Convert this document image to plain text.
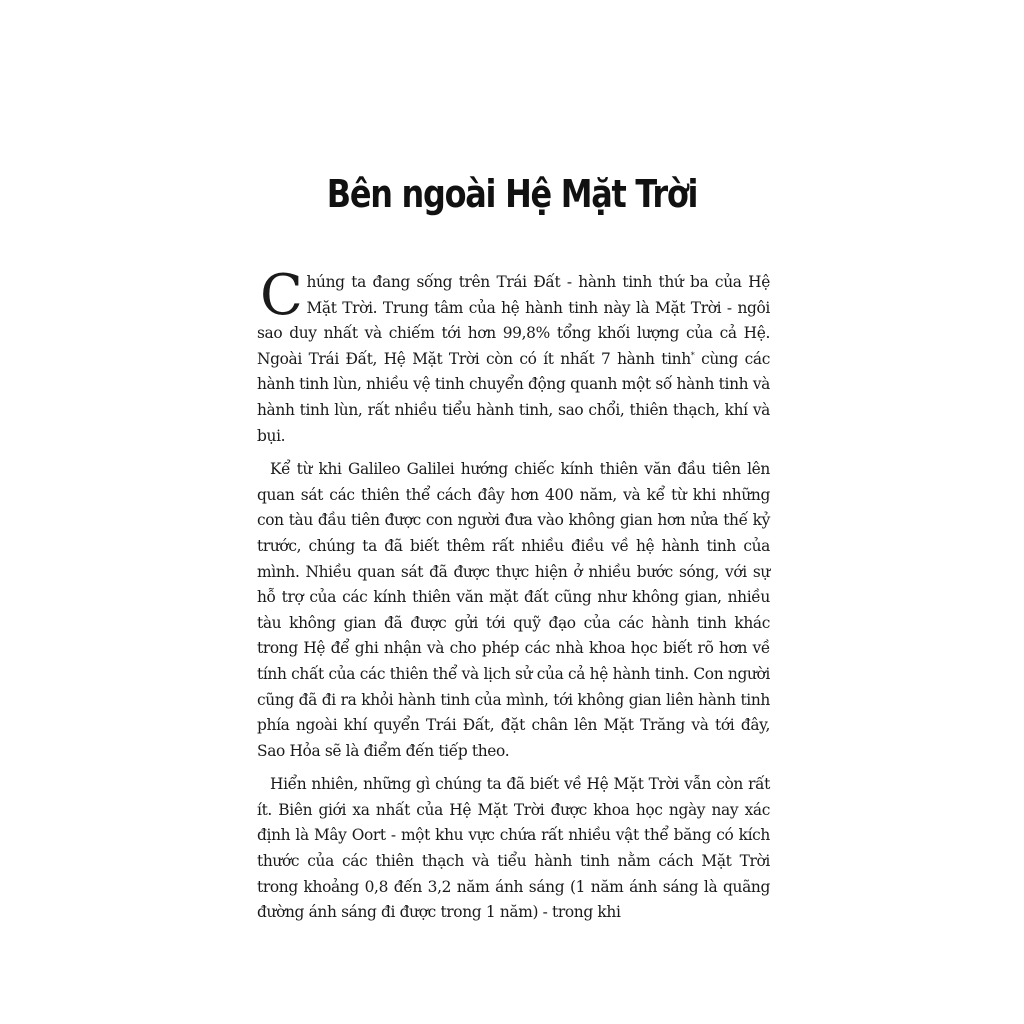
Bên ngoài Hệ Mặt Trời

Chúng ta đang sống trên Trái Đất - hành tinh thứ ba của Hệ Mặt Trời. Trung tâm của hệ hành tinh này là Mặt Trời - ngôi sao duy nhất và chiếm tới hơn 99,8% tổng khối lượng của cả Hệ. Ngoài Trái Đất, Hệ Mặt Trời còn có ít nhất 7 hành tinh* cùng các hành tinh lùn, nhiều vệ tinh chuyển động quanh một số hành tinh và hành tinh lùn, rất nhiều tiểu hành tinh, sao chổi, thiên thạch, khí và bụi.

Kể từ khi Galileo Galilei hướng chiếc kính thiên văn đầu tiên lên quan sát các thiên thể cách đây hơn 400 năm, và kể từ khi những con tàu đầu tiên được con người đưa vào không gian hơn nửa thế kỷ trước, chúng ta đã biết thêm rất nhiều điều về hệ hành tinh của mình. Nhiều quan sát đã được thực hiện ở nhiều bước sóng, với sự hỗ trợ của các kính thiên văn mặt đất cũng như không gian, nhiều tàu không gian đã được gửi tới quỹ đạo của các hành tinh khác trong Hệ để ghi nhận và cho phép các nhà khoa học biết rõ hơn về tính chất của các thiên thể và lịch sử của cả hệ hành tinh. Con người cũng đã đi ra khỏi hành tinh của mình, tới không gian liên hành tinh phía ngoài khí quyển Trái Đất, đặt chân lên Mặt Trăng và tới đây, Sao Hỏa sẽ là điểm đến tiếp theo.

Hiển nhiên, những gì chúng ta đã biết về Hệ Mặt Trời vẫn còn rất ít. Biên giới xa nhất của Hệ Mặt Trời được khoa học ngày nay xác định là Mây Oort - một khu vực chứa rất nhiều vật thể băng có kích thước của các thiên thạch và tiểu hành tinh nằm cách Mặt Trời trong khoảng 0,8 đến 3,2 năm ánh sáng (1 năm ánh sáng là quãng đường ánh sáng đi được trong 1 năm) - trong khi
